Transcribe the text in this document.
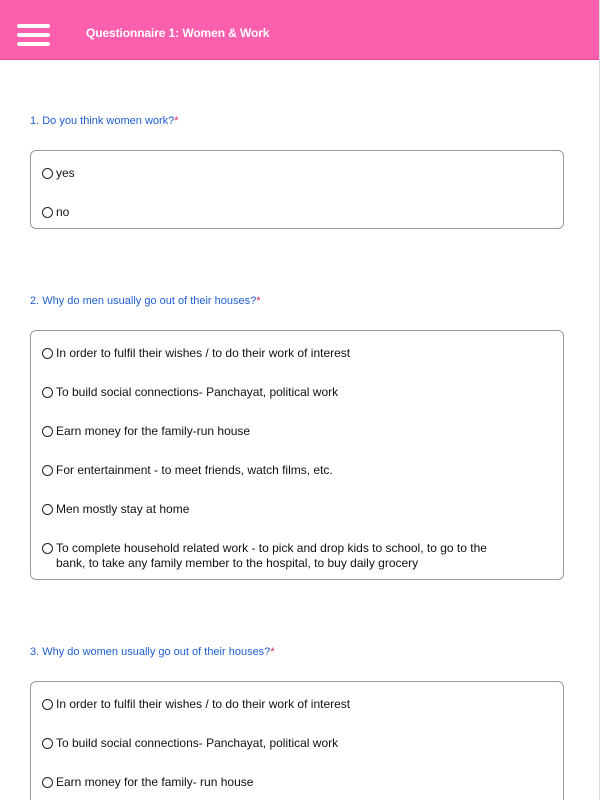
Questionnaire 1: Women & Work
1. Do you think women work?*
yes
no
2. Why do men usually go out of their houses?*
In order to fulfil their wishes / to do their work of interest
To build social connections- Panchayat, political work
Earn money for the family-run house
For entertainment - to meet friends, watch films, etc.
Men mostly stay at home
To complete household related work - to pick and drop kids to school, to go to the bank, to take any family member to the hospital, to buy daily grocery
3. Why do women usually go out of their houses?*
In order to fulfil their wishes / to do their work of interest
To build social connections- Panchayat, political work
Earn money for the family- run house
